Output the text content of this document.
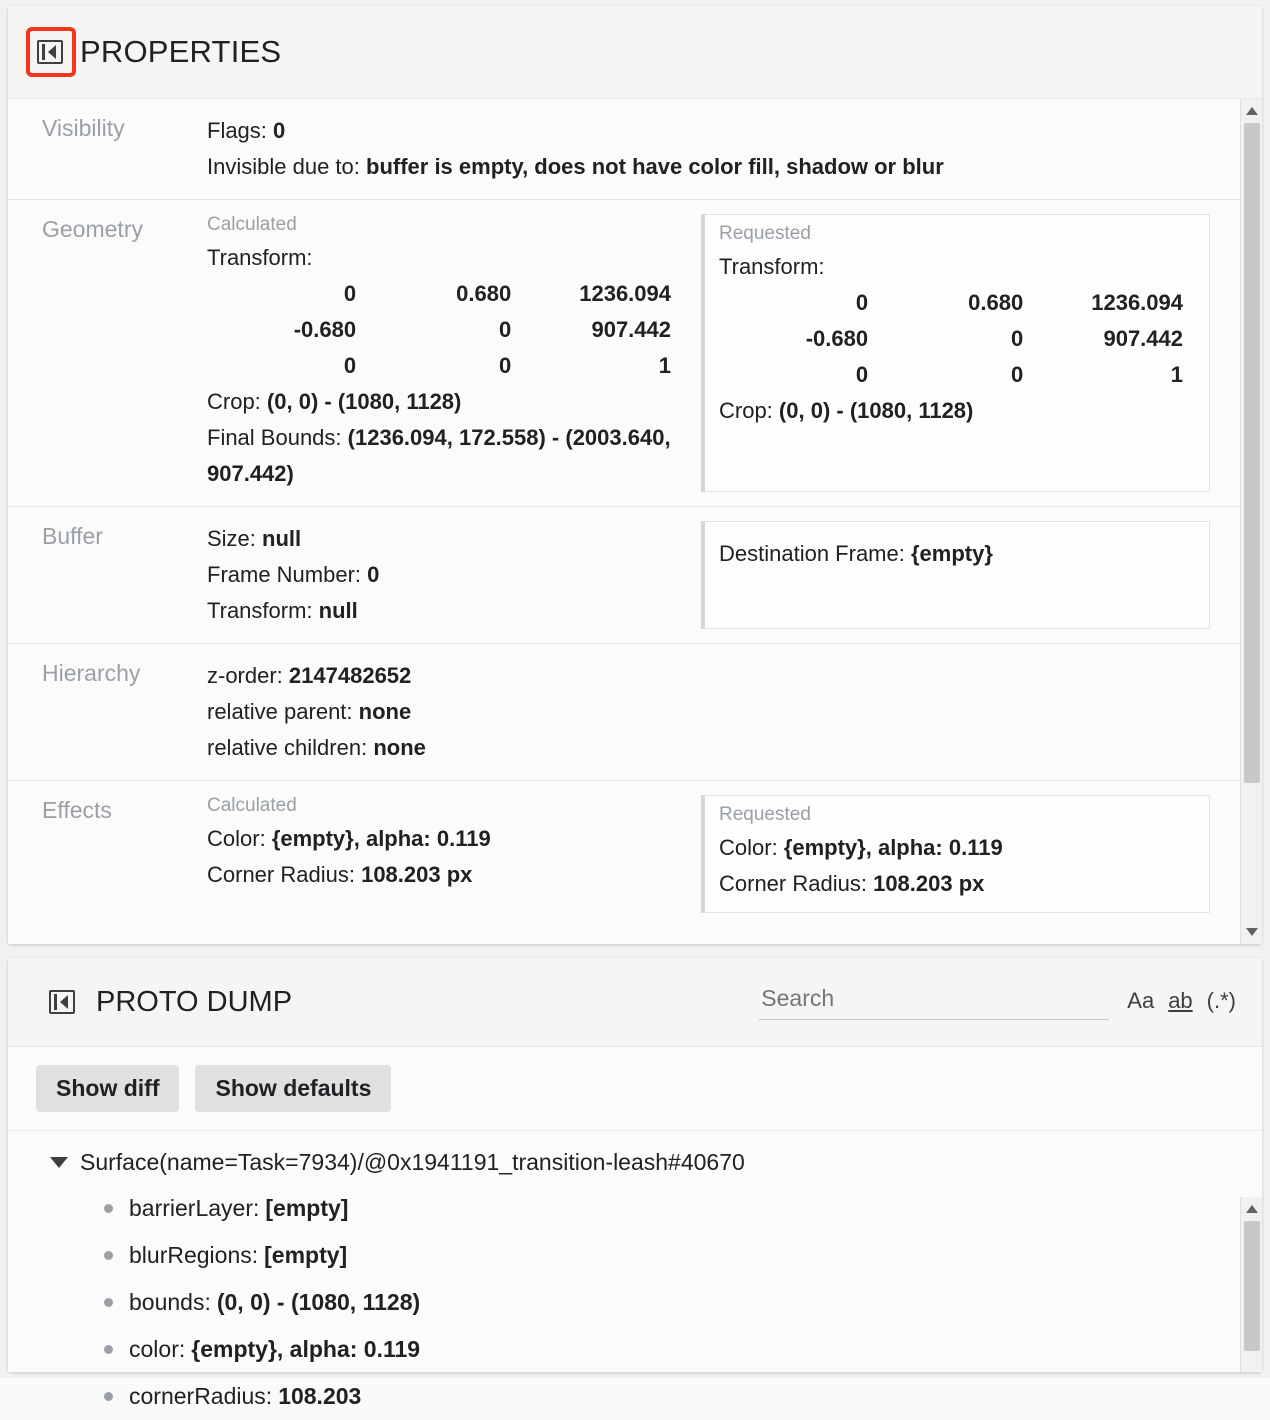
PROPERTIES
Visibility	Flags: 0
Invisible due to: buffer is empty, does not have color fill, shadow or blur
Geometry	Calculated
Transform:
0	0.680	1236.094
-0.680	0	907.442
0	0	1
Crop: (0, 0) - (1080, 1128)
Final Bounds: (1236.094, 172.558) - (2003.640, 907.442)
Requested
Transform:
0	0.680	1236.094
-0.680	0	907.442
0	0	1
Crop: (0, 0) - (1080, 1128)
Buffer	Size: null
Frame Number: 0
Transform: null
Destination Frame: {empty}
Hierarchy	z-order: 2147482652
relative parent: none
relative children: none
Effects	Calculated
Color: {empty}, alpha: 0.119
Corner Radius: 108.203 px
Requested
Color: {empty}, alpha: 0.119
Corner Radius: 108.203 px
PROTO DUMP
Search	Aa ab (.*)
Show diff	Show defaults
Surface(name=Task=7934)/@0x1941191_transition-leash#40670
barrierLayer: [empty]
blurRegions: [empty]
bounds: (0, 0) - (1080, 1128)
color: {empty}, alpha: 0.119
cornerRadius: 108.203
